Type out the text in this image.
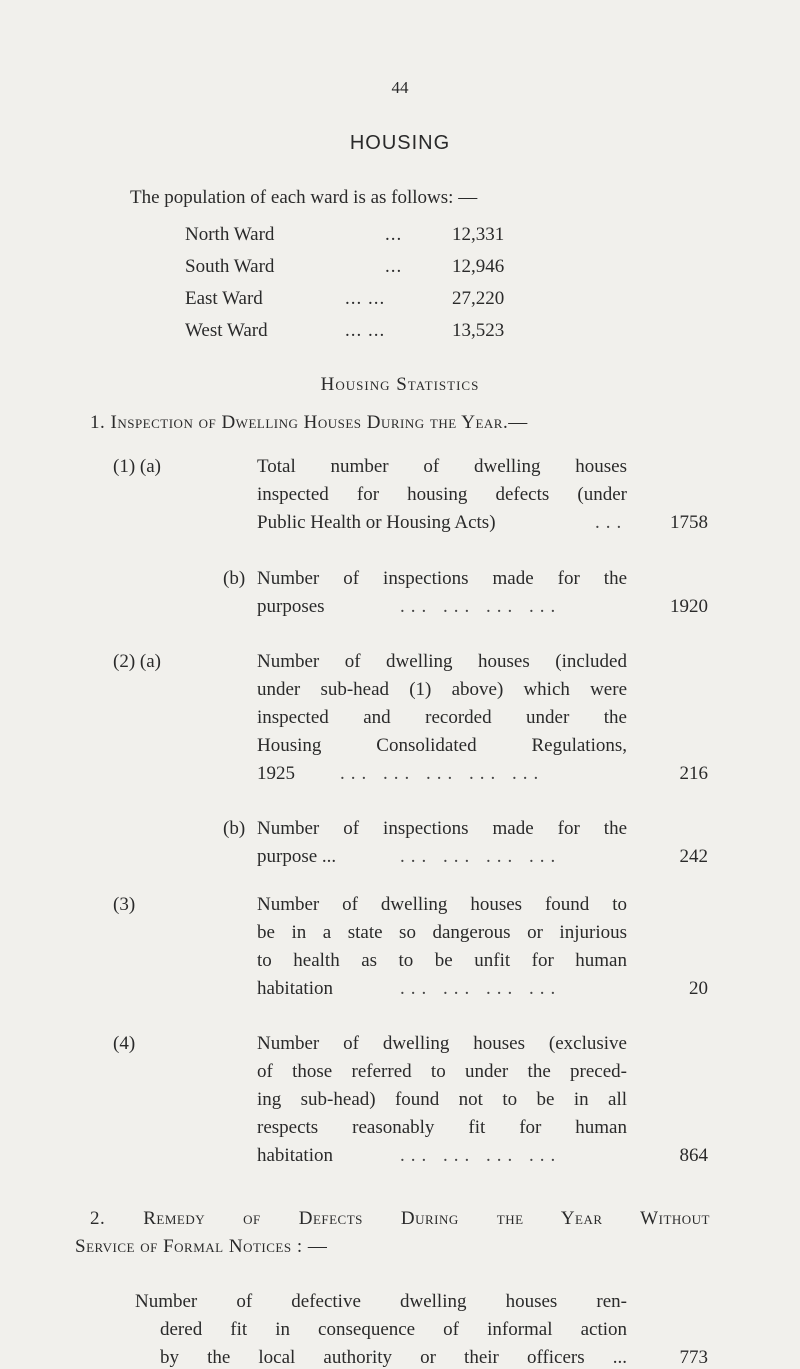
44
HOUSING
The population of each ward is as follows: —
North Ward	...	12,331
South Ward	...	12,946
East Ward	... ...	27,220
West Ward	... ...	13,523
Housing Statistics
1. Inspection of Dwelling Houses During the Year.—
(1) (a)	Total number of dwelling houses
inspected for housing defects (under
Public Health or Housing Acts)	... 1758
(b) Number of inspections made for the
purposes	... ... ... ...	1920
(2) (a)	Number of dwelling houses (included
under sub-head (1) above) which were
inspected and recorded under the
Housing Consolidated Regulations,
1925 ... ... ... ... ...	216
(b) Number of inspections made for the
purpose ...	... ... ... ...	242
(3)	Number of dwelling houses found to
be in a state so dangerous or injurious
to health as to be unfit for human
habitation	... ... ... ...	20
(4)	Number of dwelling houses (exclusive
of those referred to under the preced-
ing sub-head) found not to be in all
respects reasonably fit for human
habitation	... ... ... ...	864
2. Remedy of Defects During the Year Without
Service of Formal Notices : —
Number of defective dwelling houses ren-
dered fit in consequence of informal action
by the local authority or their officers ...	773
